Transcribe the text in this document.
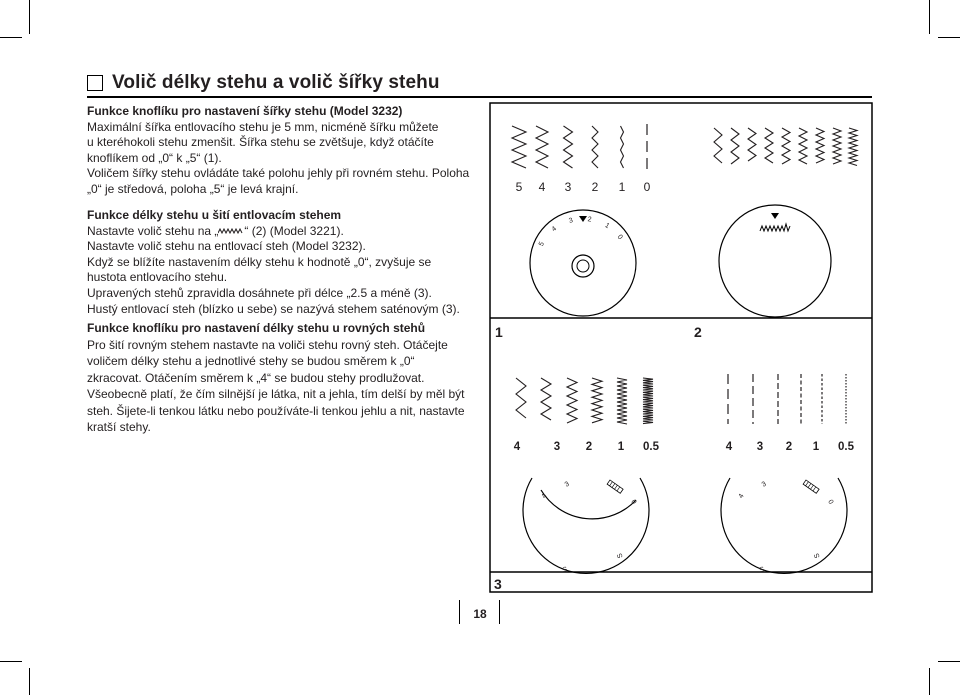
Volič délky stehu a volič šířky stehu

Funkce knoflíku pro nastavení šířky stehu (Model 3232)

Maximální šířka entlovacího stehu je 5 mm, nicméně šířku můžete

u kteréhokoli stehu zmenšit. Šířka stehu se zvětšuje, když otáčíte

knoflíkem od „0“ k „5“ (1).

Voličem šířky stehu ovládáte také polohu jehly při rovném stehu. Poloha

„0“ je středová, poloha „5“ je levá krajní.

Funkce délky stehu u šití entlovacím stehem

Nastavte volič stehu na „ “ (2) (Model 3221).

Nastavte volič stehu na entlovací steh (Model 3232).

Když se blížíte nastavením délky stehu k hodnotě „0“, zvyšuje se

hustota entlovacího stehu.

Upravených stehů zpravidla dosáhnete při délce „2.5 a méně (3).

Hustý entlovací steh (blízko u sebe) se nazývá stehem saténovým (3).

Funkce knoflíku pro nastavení délky stehu u rovných stehů

Pro šití rovným stehem nastavte na voliči stehu rovný steh. Otáčejte

voličem délky stehu a jednotlivé stehy se budou směrem k „0“

zkracovat. Otáčením směrem k „4“ se budou stehy prodlužovat.

Všeobecně platí, že čím silnější je látka, nit a jehla, tím delší by měl být

steh. Šijete-li tenkou látku nebo používáte-li tenkou jehlu a nit, nastavte

kratší stehy.

5 4 3 2 1 0
5
4
3 2
1
0
1	2
3
4	3 2 1 0.5	4 3 2 1 0.5
4
3
0
S
S
4
3
0
S
S
18
